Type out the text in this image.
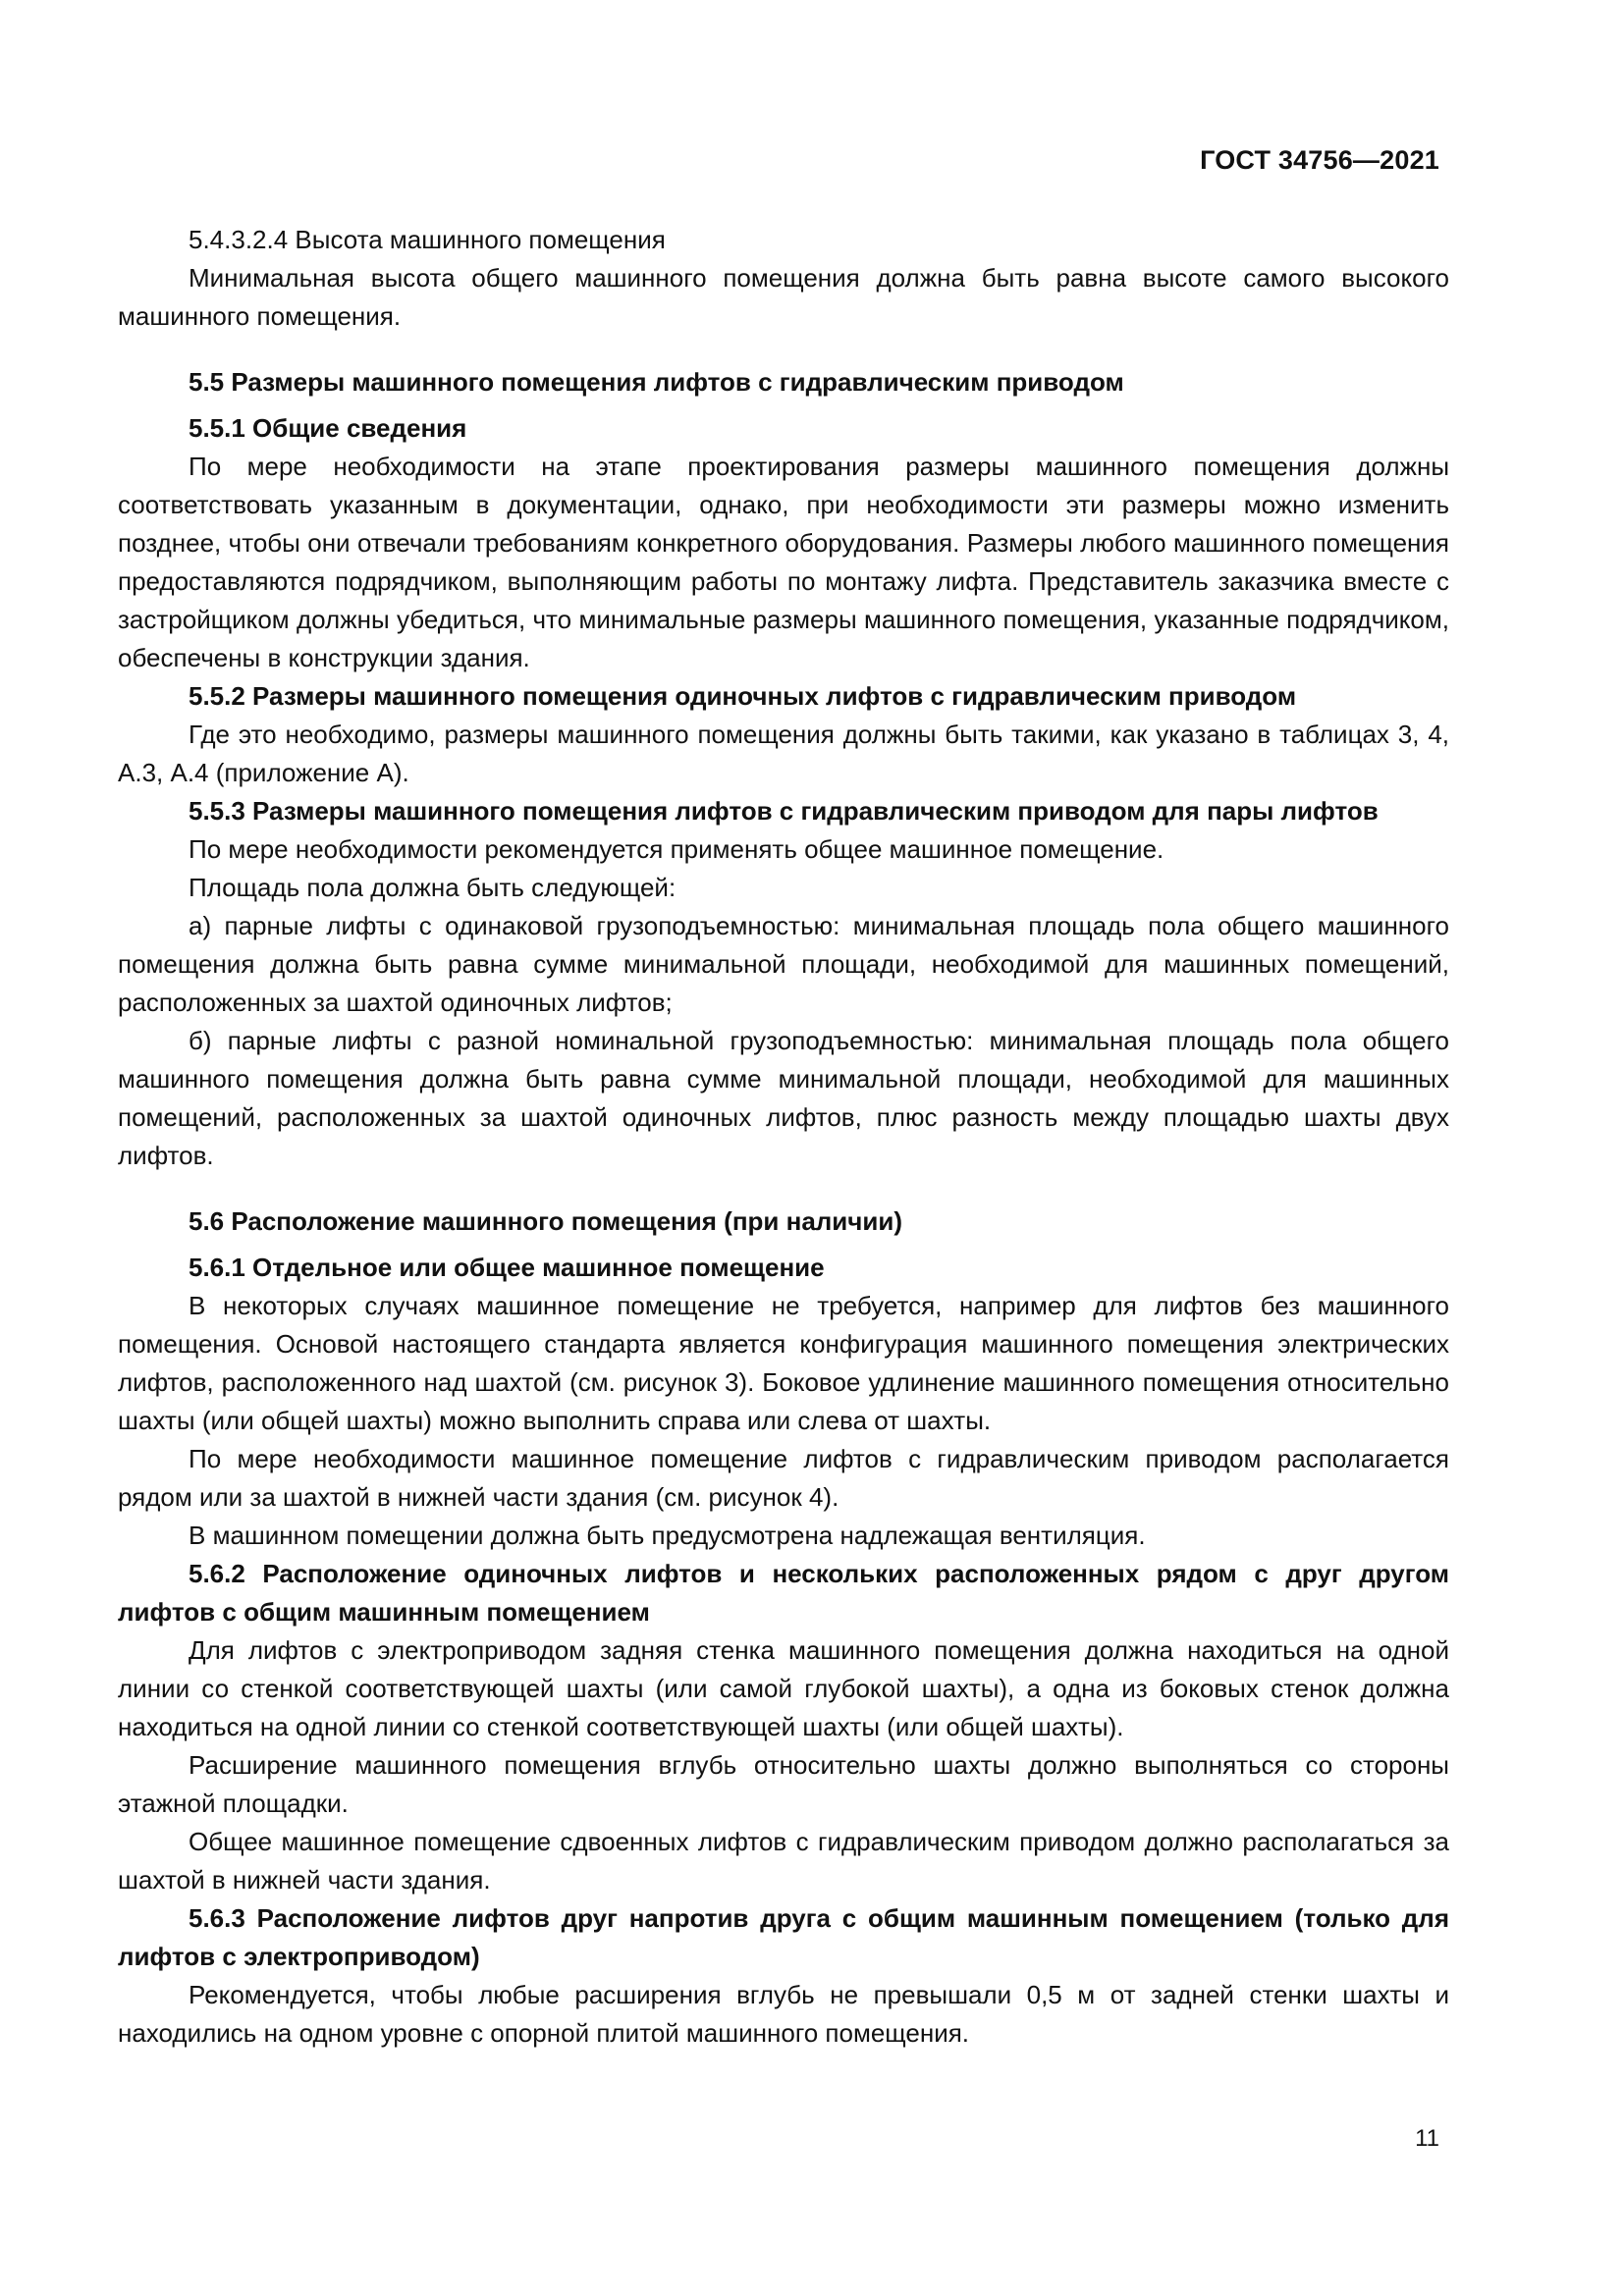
ГОСТ 34756—2021

5.4.3.2.4 Высота машинного помещения

Минимальная высота общего машинного помещения должна быть равна высоте самого высокого машинного помещения.

5.5 Размеры машинного помещения лифтов с гидравлическим приводом

5.5.1 Общие сведения

По мере необходимости на этапе проектирования размеры машинного помещения должны соответствовать указанным в документации, однако, при необходимости эти размеры можно изменить позднее, чтобы они отвечали требованиям конкретного оборудования. Размеры любого машинного помещения предоставляются подрядчиком, выполняющим работы по монтажу лифта. Представитель заказчика вместе с застройщиком должны убедиться, что минимальные размеры машинного помещения, указанные подрядчиком, обеспечены в конструкции здания.

5.5.2 Размеры машинного помещения одиночных лифтов с гидравлическим приводом

Где это необходимо, размеры машинного помещения должны быть такими, как указано в таблицах 3, 4, А.3, А.4 (приложение А).

5.5.3 Размеры машинного помещения лифтов с гидравлическим приводом для пары лифтов

По мере необходимости рекомендуется применять общее машинное помещение.

Площадь пола должна быть следующей:

а) парные лифты с одинаковой грузоподъемностью: минимальная площадь пола общего машинного помещения должна быть равна сумме минимальной площади, необходимой для машинных помещений, расположенных за шахтой одиночных лифтов;

б) парные лифты с разной номинальной грузоподъемностью: минимальная площадь пола общего машинного помещения должна быть равна сумме минимальной площади, необходимой для машинных помещений, расположенных за шахтой одиночных лифтов, плюс разность между площадью шахты двух лифтов.

5.6 Расположение машинного помещения (при наличии)

5.6.1 Отдельное или общее машинное помещение

В некоторых случаях машинное помещение не требуется, например для лифтов без машинного помещения. Основой настоящего стандарта является конфигурация машинного помещения электрических лифтов, расположенного над шахтой (см. рисунок 3). Боковое удлинение машинного помещения относительно шахты (или общей шахты) можно выполнить справа или слева от шахты.

По мере необходимости машинное помещение лифтов с гидравлическим приводом располагается рядом или за шахтой в нижней части здания (см. рисунок 4).

В машинном помещении должна быть предусмотрена надлежащая вентиляция.

5.6.2 Расположение одиночных лифтов и нескольких расположенных рядом с друг другом лифтов с общим машинным помещением

Для лифтов с электроприводом задняя стенка машинного помещения должна находиться на одной линии со стенкой соответствующей шахты (или самой глубокой шахты), а одна из боковых стенок должна находиться на одной линии со стенкой соответствующей шахты (или общей шахты).

Расширение машинного помещения вглубь относительно шахты должно выполняться со стороны этажной площадки.

Общее машинное помещение сдвоенных лифтов с гидравлическим приводом должно располагаться за шахтой в нижней части здания.

5.6.3 Расположение лифтов друг напротив друга с общим машинным помещением (только для лифтов с электроприводом)

Рекомендуется, чтобы любые расширения вглубь не превышали 0,5 м от задней стенки шахты и находились на одном уровне с опорной плитой машинного помещения.

11
